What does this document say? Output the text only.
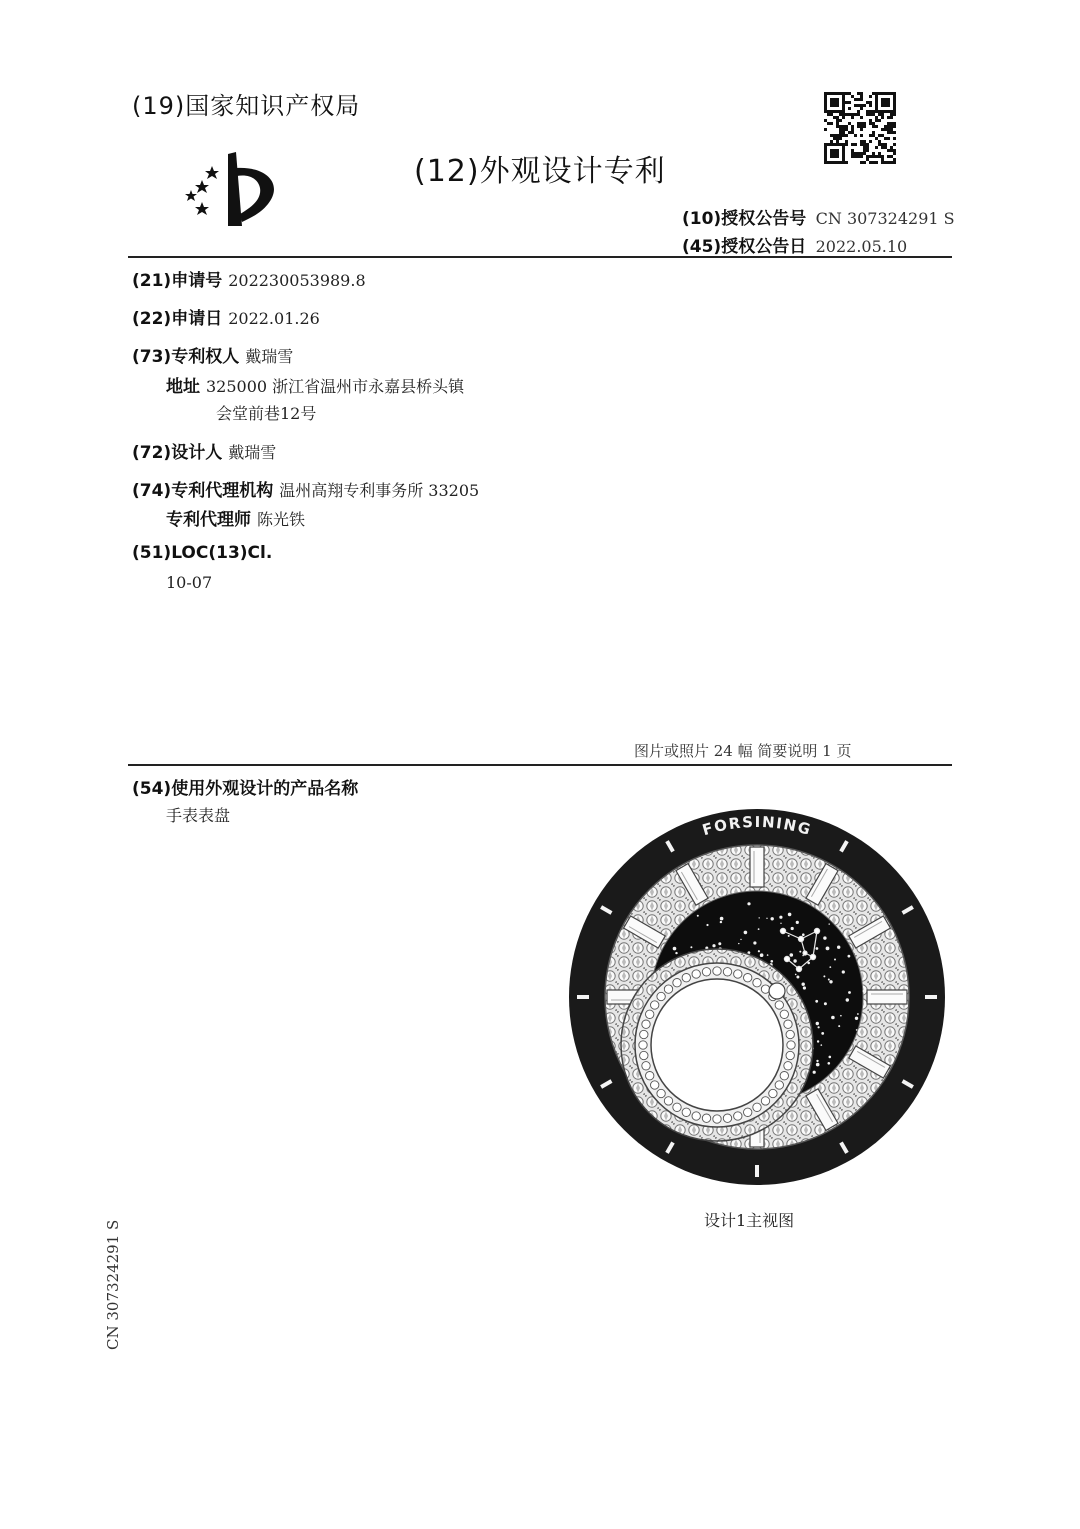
(19)国家知识产权局
(12)外观设计专利
(10)授权公告号 CN 307324291 S
(45)授权公告日 2022.05.10
(21)申请号 202230053989.8
(22)申请日 2022.01.26
(73)专利权人 戴瑞雪
地址 325000 浙江省温州市永嘉县桥头镇
会堂前巷12号
(72)设计人 戴瑞雪
(74)专利代理机构 温州高翔专利事务所 33205
专利代理师 陈光铁
(51)LOC(13)Cl.
10-07
图片或照片 24 幅 简要说明 1 页
(54)使用外观设计的产品名称
手表表盘
FORSINING
设计1主视图
CN 307324291 S
